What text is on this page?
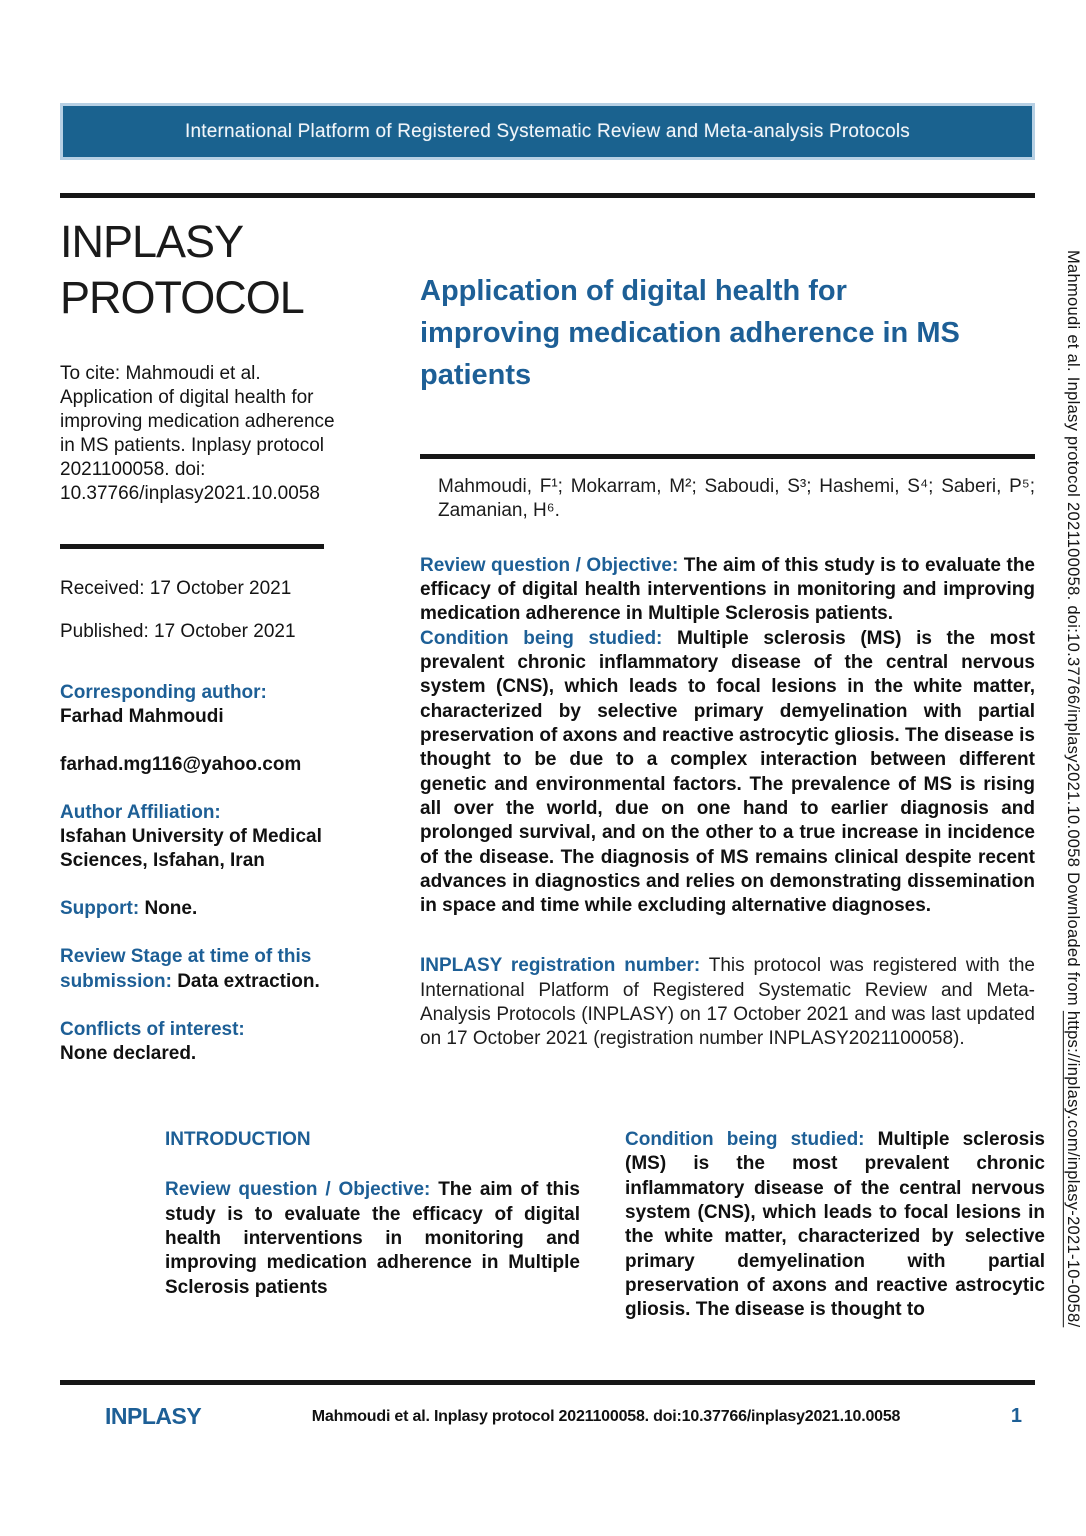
International Platform of Registered Systematic Review and Meta-analysis Protocols
INPLASY PROTOCOL

To cite: Mahmoudi et al. Application of digital health for improving medication adherence in MS patients. Inplasy protocol 2021100058. doi: 10.37766/inplasy2021.10.0058

Received: 17 October 2021

Published: 17 October 2021

Corresponding author:
Farhad Mahmoudi

farhad.mg116@yahoo.com

Author Affiliation:
Isfahan University of Medical Sciences, Isfahan, Iran
Support: None.
Review Stage at time of this submission: Data extraction.
Conflicts of interest:
None declared.
Application of digital health for improving medication adherence in MS patients

Mahmoudi, F¹; Mokarram, M²; Saboudi, S³; Hashemi, S⁴; Saberi, P⁵; Zamanian, H⁶.

Review question / Objective: The aim of this study is to evaluate the efficacy of digital health interventions in monitoring and improving medication adherence in Multiple Sclerosis patients.

Condition being studied: Multiple sclerosis (MS) is the most prevalent chronic inflammatory disease of the central nervous system (CNS), which leads to focal lesions in the white matter, characterized by selective primary demyelination with partial preservation of axons and reactive astrocytic gliosis. The disease is thought to be due to a complex interaction between different genetic and environmental factors. The prevalence of MS is rising all over the world, due on one hand to earlier diagnosis and prolonged survival, and on the other to a true increase in incidence of the disease. The diagnosis of MS remains clinical despite recent advances in diagnostics and relies on demonstrating dissemination in space and time while excluding alternative diagnoses.

INPLASY registration number: This protocol was registered with the International Platform of Registered Systematic Review and Meta-Analysis Protocols (INPLASY) on 17 October 2021 and was last updated on 17 October 2021 (registration number INPLASY2021100058).

INTRODUCTION

Review question / Objective: The aim of this study is to evaluate the efficacy of digital health interventions in monitoring and improving medication adherence in Multiple Sclerosis patients

Condition being studied: Multiple sclerosis (MS) is the most prevalent chronic inflammatory disease of the central nervous system (CNS), which leads to focal lesions in the white matter, characterized by selective primary demyelination with partial preservation of axons and reactive astrocytic gliosis. The disease is thought to

INPLASY	Mahmoudi et al. Inplasy protocol 2021100058. doi:10.37766/inplasy2021.10.0058	1
Mahmoudi et al. Inplasy protocol 2021100058. doi:10.37766/inplasy2021.10.0058 Downloaded from https://inplasy.com/inplasy-2021-10-0058/
